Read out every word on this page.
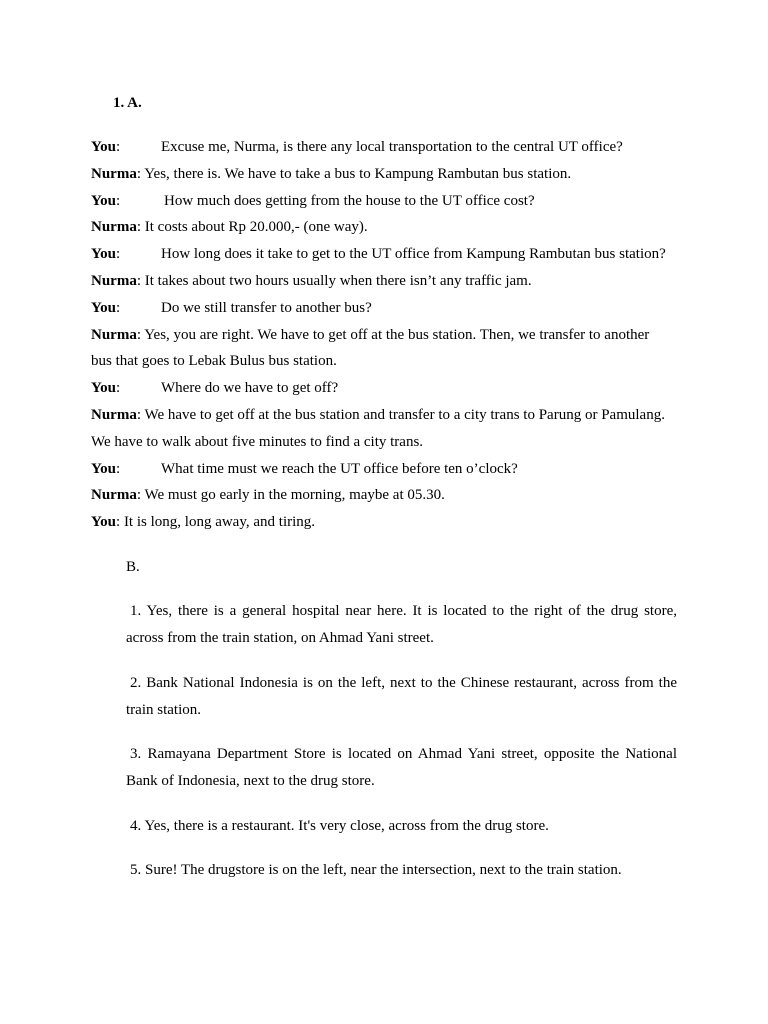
1. A.
You:	Excuse me, Nurma, is there any local transportation to the central UT office?
Nurma: Yes, there is. We have to take a bus to Kampung Rambutan bus station.
You:	How much does getting from the house to the UT office cost?
Nurma: It costs about Rp 20.000,- (one way).
You:	How long does it take to get to the UT office from Kampung Rambutan bus station?
Nurma: It takes about two hours usually when there isn’t any traffic jam.
You:	Do we still transfer to another bus?
Nurma: Yes, you are right. We have to get off at the bus station. Then, we transfer to another
bus that goes to Lebak Bulus bus station.
You:	Where do we have to get off?
Nurma: We have to get off at the bus station and transfer to a city trans to Parung or Pamulang.
We have to walk about five minutes to find a city trans.
You:	What time must we reach the UT office before ten o’clock?
Nurma: We must go early in the morning, maybe at 05.30.
You: It is long, long away, and tiring.
B.

1. Yes, there is a general hospital near here. It is located to the right of the drug store, across from the train station, on Ahmad Yani street.

2. Bank National Indonesia is on the left, next to the Chinese restaurant, across from the train station.

3. Ramayana Department Store is located on Ahmad Yani street, opposite the National Bank of Indonesia, next to the drug store.

4. Yes, there is a restaurant. It's very close, across from the drug store.

5. Sure! The drugstore is on the left, near the intersection, next to the train station.
